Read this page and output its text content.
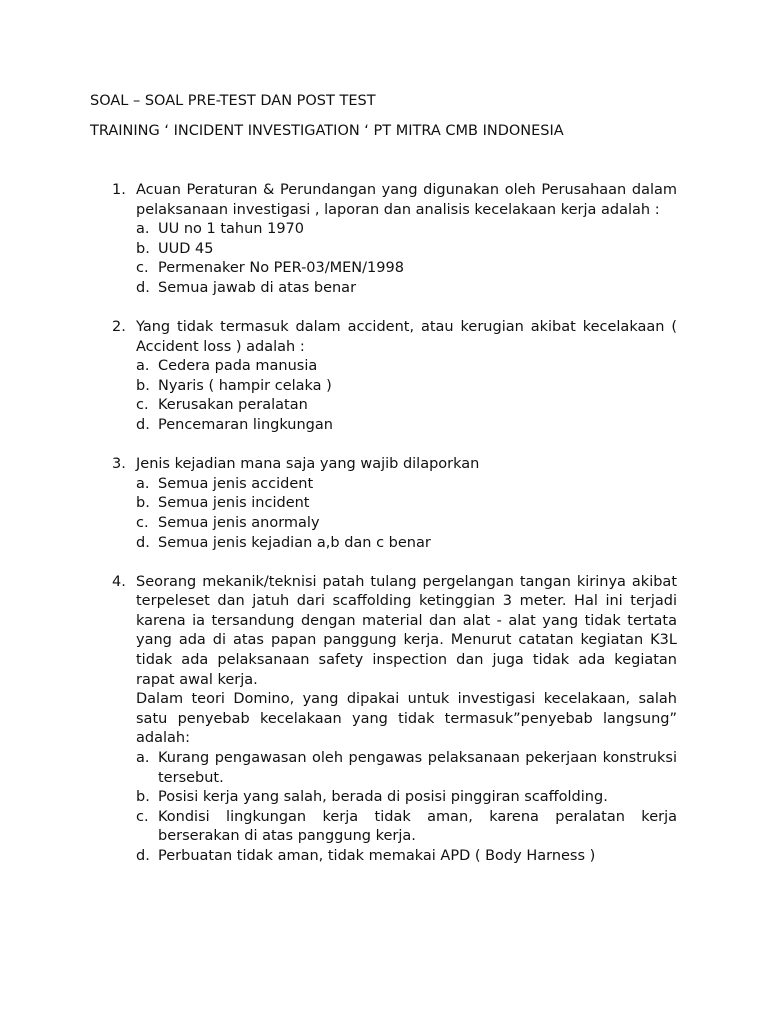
SOAL – SOAL PRE-TEST DAN POST TEST
TRAINING ‘ INCIDENT INVESTIGATION ‘ PT MITRA CMB INDONESIA
1. Acuan Peraturan & Perundangan yang digunakan oleh Perusahaan dalam pelaksanaan investigasi , laporan dan analisis kecelakaan kerja adalah :
a. UU no 1 tahun 1970
b. UUD 45
c. Permenaker No PER-03/MEN/1998
d. Semua jawab di atas benar
2. Yang tidak termasuk dalam accident, atau kerugian akibat kecelakaan ( Accident loss ) adalah :
a. Cedera pada manusia
b. Nyaris ( hampir celaka )
c. Kerusakan peralatan
d. Pencemaran lingkungan
3. Jenis kejadian mana saja yang wajib dilaporkan
a. Semua jenis accident
b. Semua jenis incident
c. Semua jenis anormaly
d. Semua jenis kejadian a,b dan c benar
4. Seorang mekanik/teknisi patah tulang pergelangan tangan kirinya akibat terpeleset dan jatuh dari scaffolding ketinggian 3 meter. Hal ini terjadi karena ia tersandung dengan material dan alat - alat yang tidak tertata yang ada di atas papan panggung kerja. Menurut catatan kegiatan K3L tidak ada pelaksanaan safety inspection dan juga tidak ada kegiatan rapat awal kerja.
Dalam teori Domino, yang dipakai untuk investigasi kecelakaan, salah satu penyebab kecelakaan yang tidak termasuk”penyebab langsung” adalah:
a. Kurang pengawasan oleh pengawas pelaksanaan pekerjaan konstruksi tersebut.
b. Posisi kerja yang salah, berada di posisi pinggiran scaffolding.
c. Kondisi lingkungan kerja tidak aman, karena peralatan kerja berserakan di atas panggung kerja.
d. Perbuatan tidak aman, tidak memakai APD ( Body Harness )
